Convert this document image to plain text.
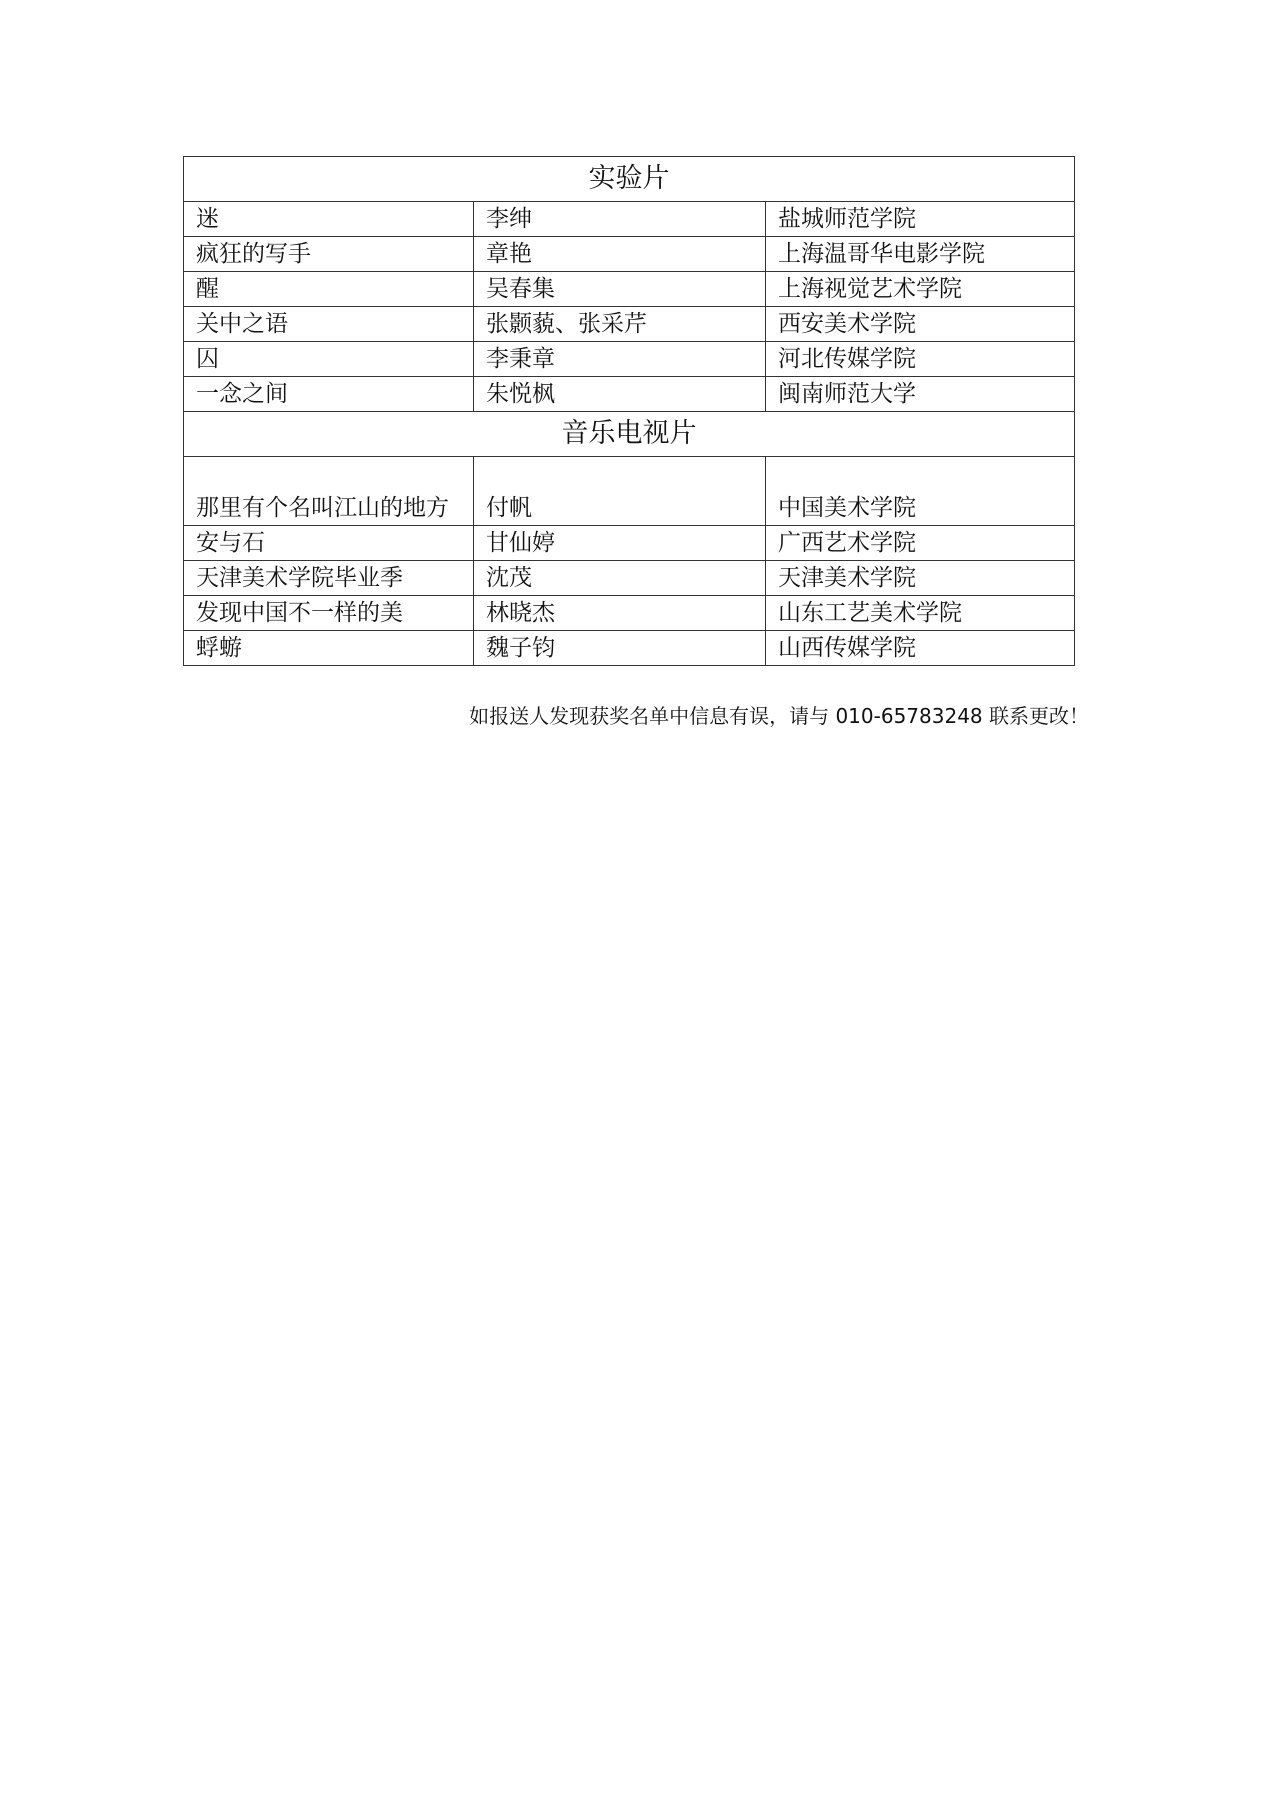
实验片		
迷	李绅	盐城师范学院
疯狂的写手	章艳	上海温哥华电影学院
醒	吴春集	上海视觉艺术学院
关中之语	张颢藐、张采芹	西安美术学院
囚	李秉章	河北传媒学院
一念之间	朱悦枫	闽南师范大学
音乐电视片		
那里有个名叫江山的地方	付帆	中国美术学院
安与石	甘仙婷	广西艺术学院
天津美术学院毕业季	沈茂	天津美术学院
发现中国不一样的美	林晓杰	山东工艺美术学院
蜉蝣	魏子钧	山西传媒学院
如报送人发现获奖名单中信息有误，请与 010-65783248 联系更改！
